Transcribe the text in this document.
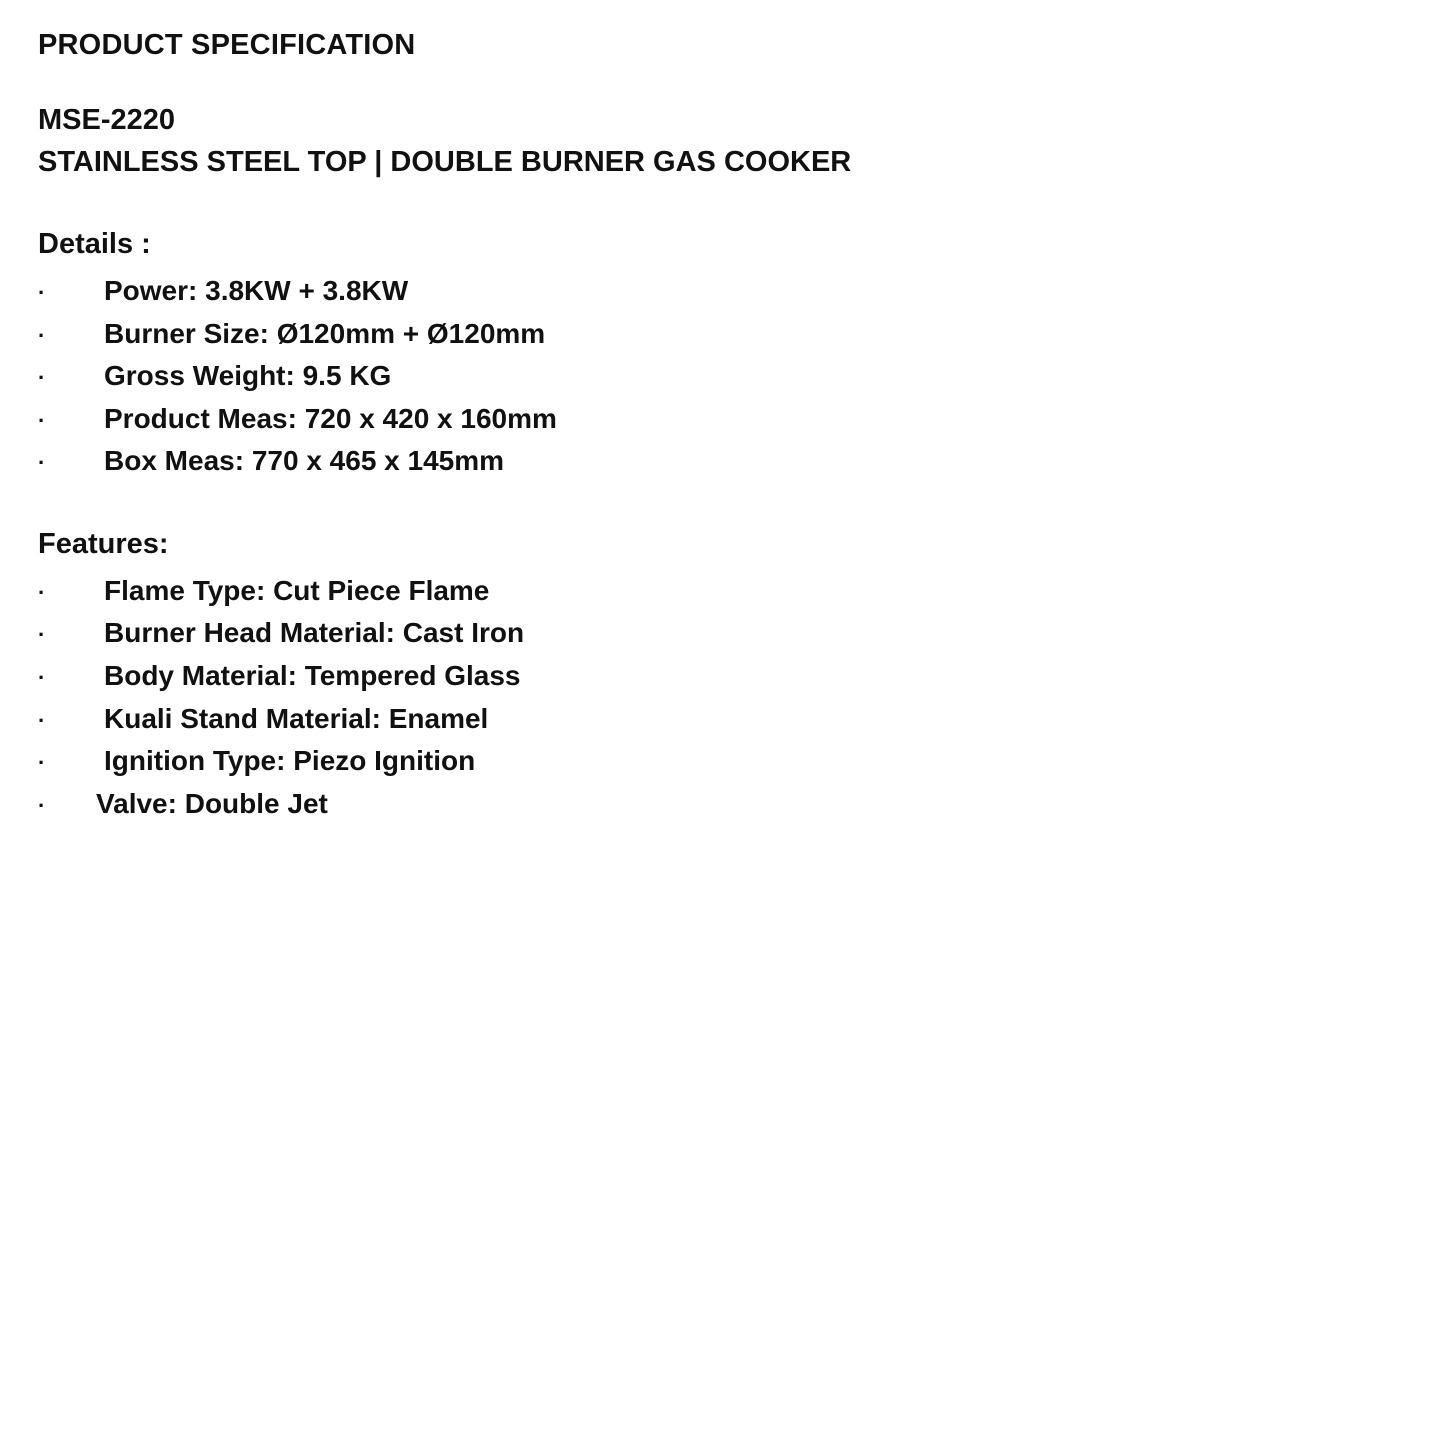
PRODUCT SPECIFICATION
MSE-2220
STAINLESS STEEL TOP | DOUBLE BURNER GAS COOKER
Details :
·	Power: 3.8KW + 3.8KW
·	Burner Size: Ø120mm + Ø120mm
·	Gross Weight: 9.5 KG
·	Product Meas: 720 x 420 x 160mm
·	Box Meas: 770 x 465 x 145mm
Features:
·	Flame Type: Cut Piece Flame
·	Burner Head Material: Cast Iron
·	Body Material: Tempered Glass
·	Kuali Stand Material: Enamel
·	Ignition Type: Piezo Ignition
·	Valve: Double Jet
